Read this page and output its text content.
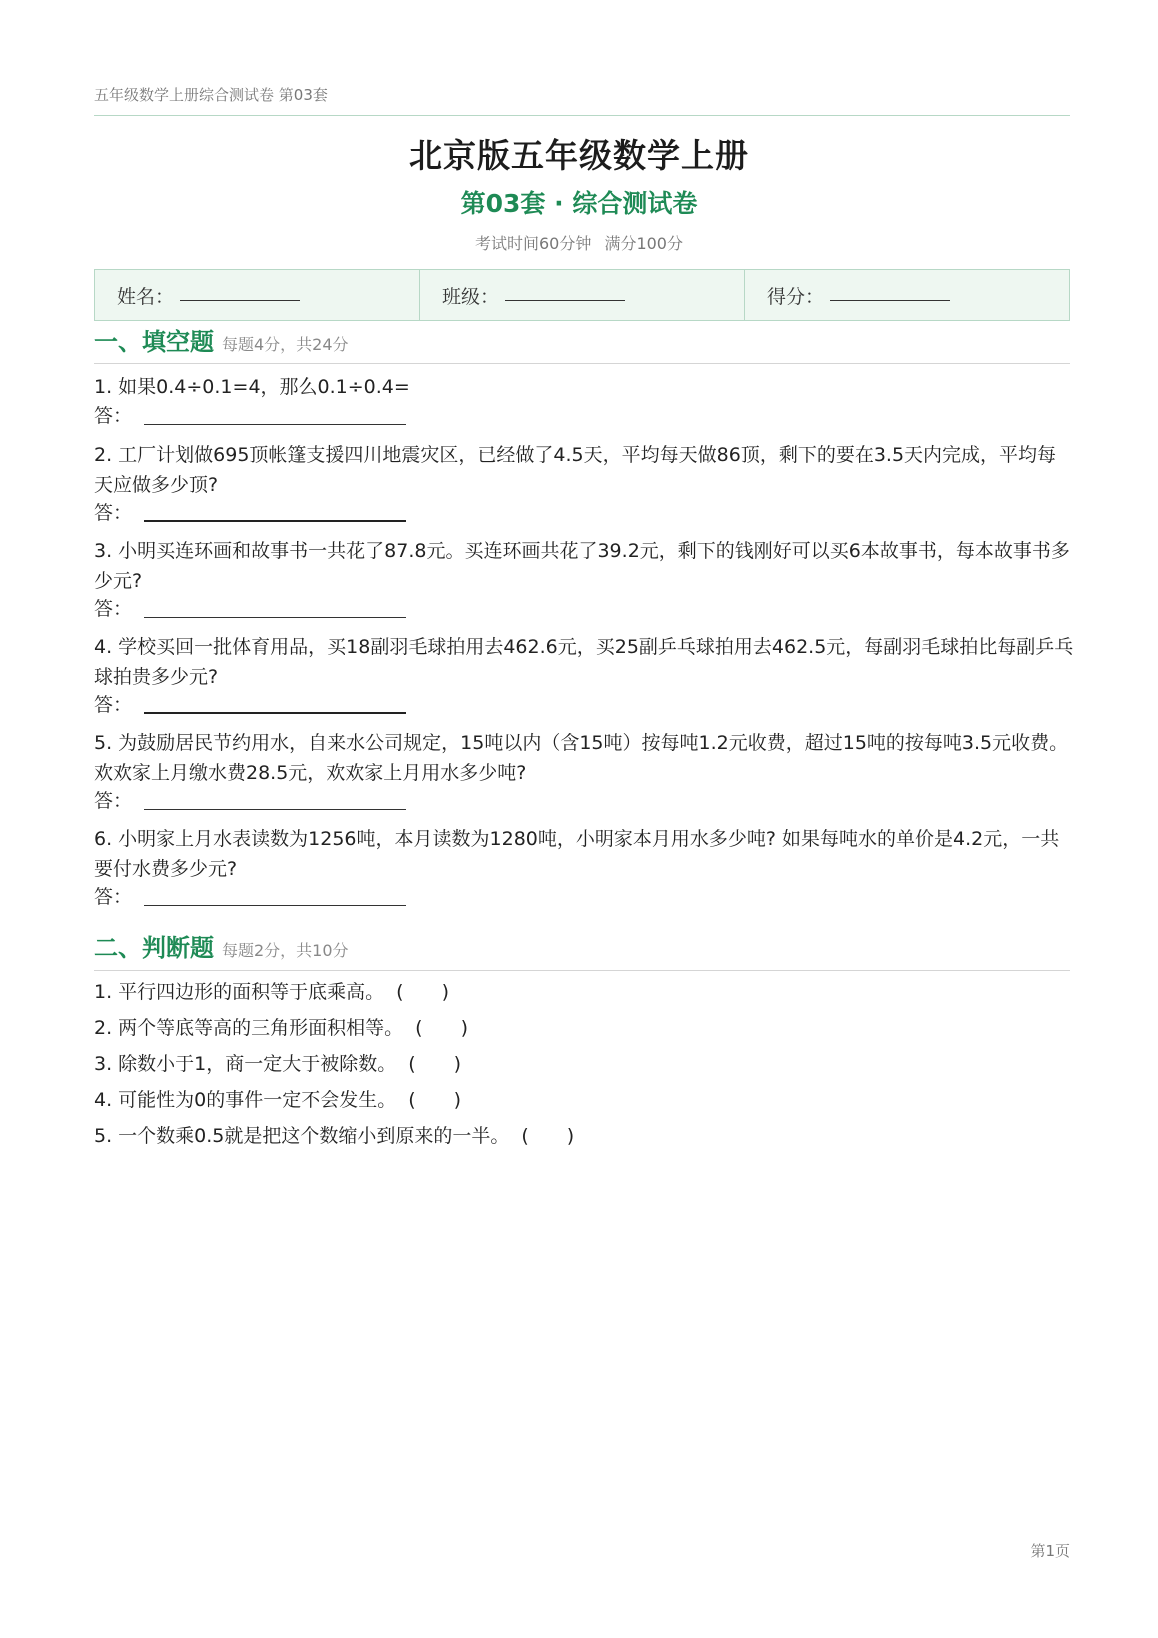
五年级数学上册综合测试卷 第03套
北京版五年级数学上册
第03套 · 综合测试卷
考试时间60分钟 满分100分
姓名：	班级：	得分：
一、填空题 每题4分，共24分
1. 如果0.4÷0.1=4，那么0.1÷0.4=
答：
2. 工厂计划做695顶帐篷支援四川地震灾区，已经做了4.5天，平均每天做86顶，剩下的要在3.5天内完成，平均每天应做多少顶?
答：
3. 小明买连环画和故事书一共花了87.8元。买连环画共花了39.2元，剩下的钱刚好可以买6本故事书，每本故事书多少元?
答：
4. 学校买回一批体育用品，买18副羽毛球拍用去462.6元，买25副乒乓球拍用去462.5元，每副羽毛球拍比每副乒乓球拍贵多少元?
答：
5. 为鼓励居民节约用水，自来水公司规定，15吨以内（含15吨）按每吨1.2元收费，超过15吨的按每吨3.5元收费。欢欢家上月缴水费28.5元，欢欢家上月用水多少吨?
答：
6. 小明家上月水表读数为1256吨，本月读数为1280吨，小明家本月用水多少吨? 如果每吨水的单价是4.2元，一共要付水费多少元?
答：
二、判断题 每题2分，共10分
1. 平行四边形的面积等于底乘高。 (　　)
2. 两个等底等高的三角形面积相等。 (　　)
3. 除数小于1，商一定大于被除数。 (　　)
4. 可能性为0的事件一定不会发生。 (　　)
5. 一个数乘0.5就是把这个数缩小到原来的一半。 (　　)
第1页
